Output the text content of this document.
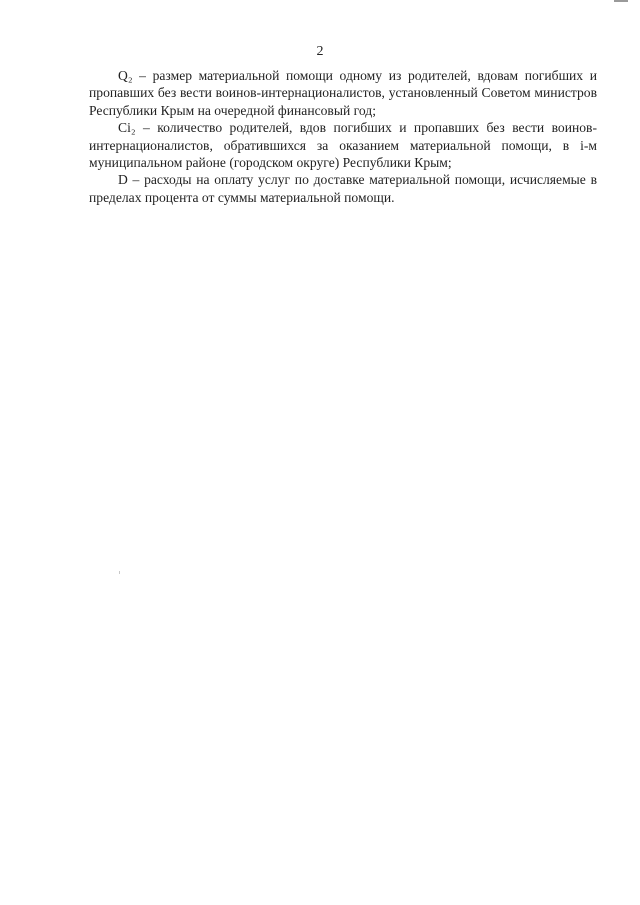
2

Q₂ – размер материальной помощи одному из родителей, вдовам погибших и пропавших без вести воинов-интернационалистов, установленный Советом министров Республики Крым на очередной финансовый год;

Ci₂ – количество родителей, вдов погибших и пропавших без вести воинов-интернационалистов, обратившихся за оказанием материальной помощи, в i-м муниципальном районе (городском округе) Республики Крым;

D – расходы на оплату услуг по доставке материальной помощи, исчисляемые в пределах процента от суммы материальной помощи.
